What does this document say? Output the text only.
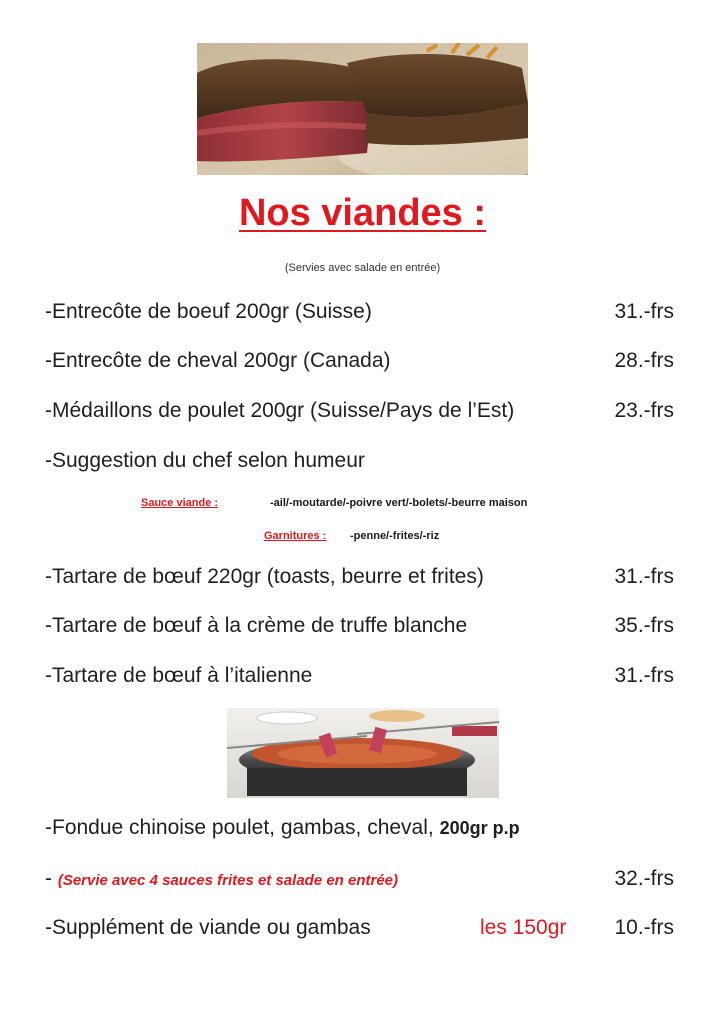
Nos viandes :
(Servies avec salade en entrée)
-Entrecôte de boeuf 200gr (Suisse)	31.-frs
-Entrecôte de cheval 200gr (Canada)	28.-frs
-Médaillons de poulet 200gr (Suisse/Pays de l’Est)	23.-frs
-Suggestion du chef selon humeur
Sauce viande :	-ail/-moutarde/-poivre vert/-bolets/-beurre maison
Garnitures : -penne/-frites/-riz
-Tartare de bœuf 220gr (toasts, beurre et frites)	31.-frs
-Tartare de bœuf à la crème de truffe blanche	35.-frs
-Tartare de bœuf à l’italienne	31.-frs
-Fondue chinoise poulet, gambas, cheval, 200gr p.p
- (Servie avec 4 sauces frites et salade en entrée)	32.-frs
-Supplément de viande ou gambas	les 150gr 10.-frs
